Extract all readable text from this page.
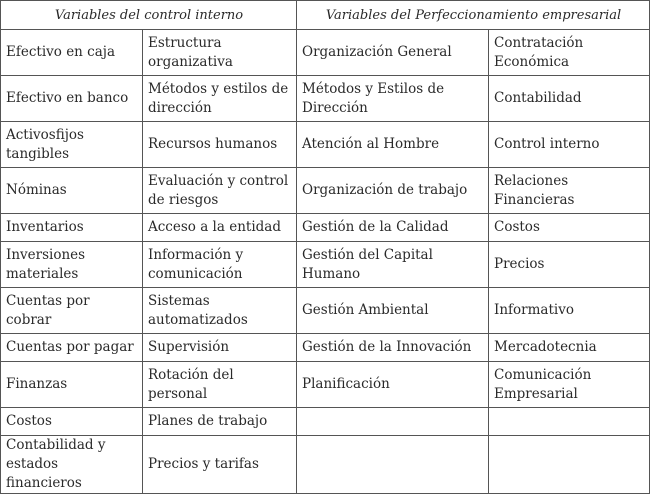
Variables del control interno		Variables del Perfeccionamiento empresarial	
Efectivo en caja	Estructura organizativa	Organización General	Contratación Económica
Efectivo en banco	Métodos y estilos de dirección	Métodos y Estilos de Dirección	Contabilidad
Activosfijos tangibles	Recursos humanos	Atención al Hombre	Control interno
Nóminas	Evaluación y control de riesgos	Organización de trabajo	Relaciones Financieras
Inventarios	Acceso a la entidad	Gestión de la Calidad	Costos
Inversiones materiales	Información y comunicación	Gestión del Capital Humano	Precios
Cuentas por cobrar	Sistemas automatizados	Gestión Ambiental	Informativo
Cuentas por pagar	Supervisión	Gestión de la Innovación	Mercadotecnia
Finanzas	Rotación del personal	Planificación	Comunicación Empresarial
Costos	Planes de trabajo		
Contabilidad y estados financieros	Precios y tarifas		
